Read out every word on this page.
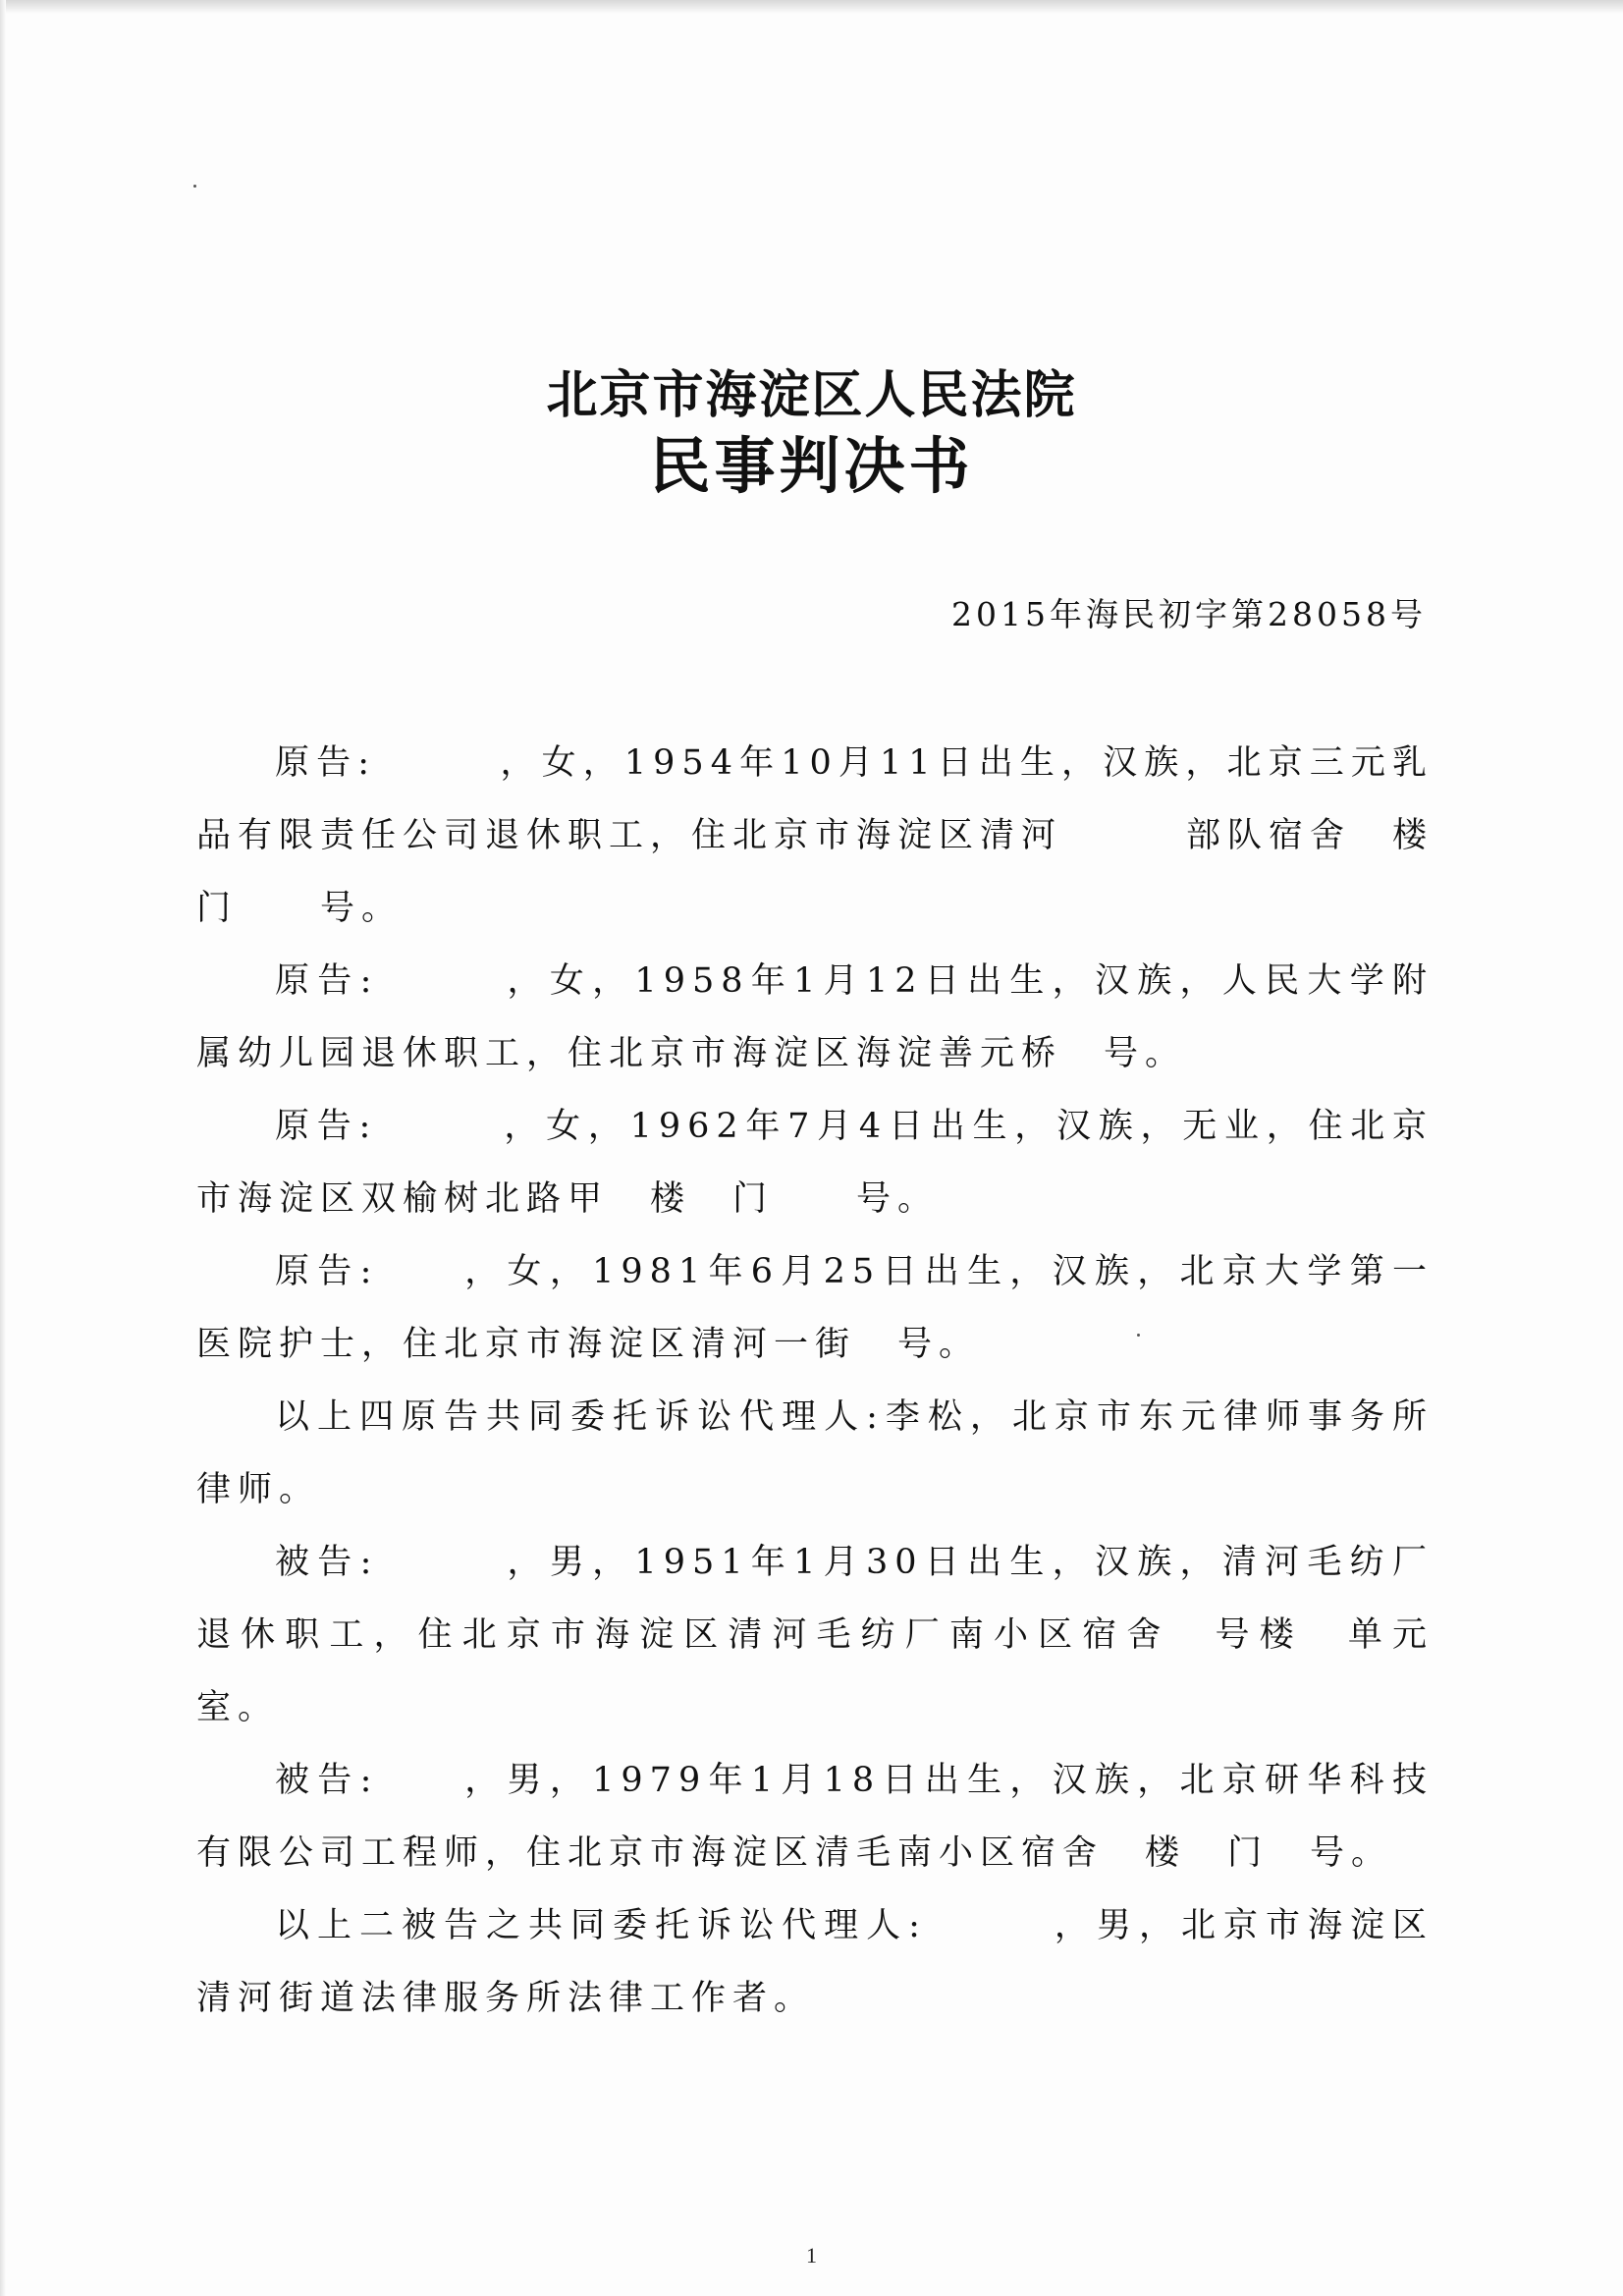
北京市海淀区人民法院
民事判决书
2015年海民初字第28058号

原告:　　　，女，1954年10月11日出生，汉族，北京三元乳品有限责任公司退休职工，住北京市海淀区清河　　　部队宿舍　楼　门　　号。

原告:　　　，女，1958年1月12日出生，汉族，人民大学附属幼儿园退休职工，住北京市海淀区海淀善元桥　号。

原告:　　　，女，1962年7月4日出生，汉族，无业，住北京市海淀区双榆树北路甲　楼　门　　号。

原告:　　，女，1981年6月25日出生，汉族，北京大学第一医院护士，住北京市海淀区清河一街　号。

以上四原告共同委托诉讼代理人:李松，北京市东元律师事务所律师。

被告:　　　，男，1951年1月30日出生，汉族，清河毛纺厂退休职工，住北京市海淀区清河毛纺厂南小区宿舍　号楼　单元　室。

被告:　　，男，1979年1月18日出生，汉族，北京研华科技有限公司工程师，住北京市海淀区清毛南小区宿舍　楼　门　号。

以上二被告之共同委托诉讼代理人:　　　，男，北京市海淀区清河街道法律服务所法律工作者。

1
